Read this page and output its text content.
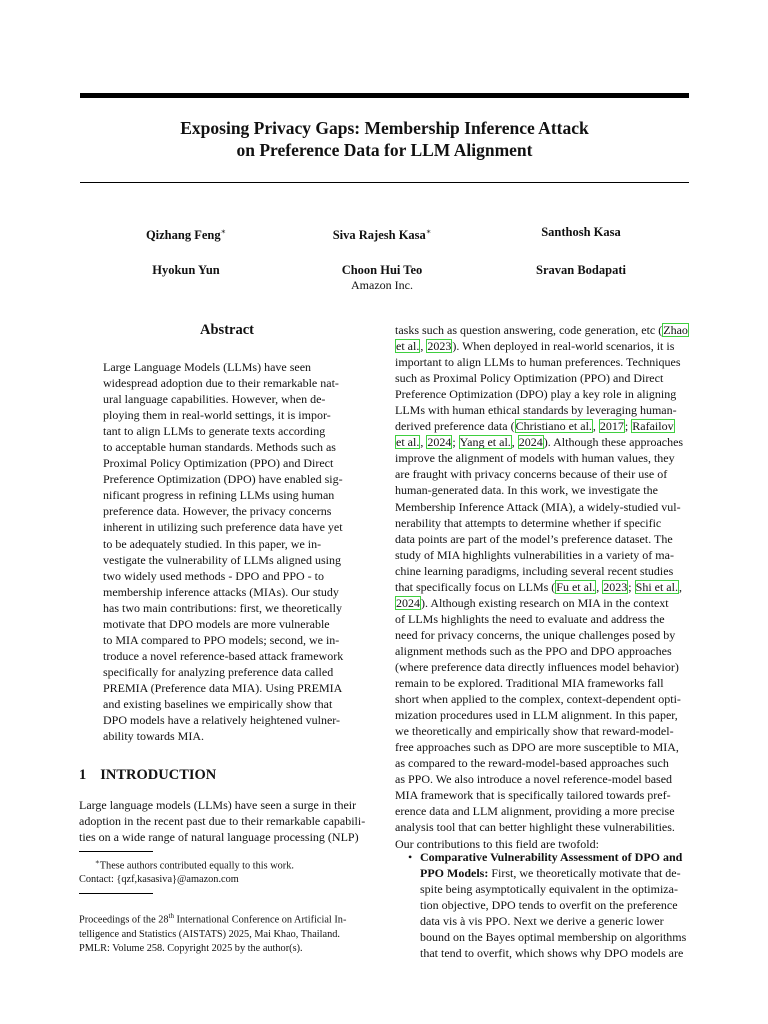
Exposing Privacy Gaps: Membership Inference Attack
on Preference Data for LLM Alignment
Qizhang Feng∗	Siva Rajesh Kasa∗	Santhosh Kasa
Hyokun Yun	Choon Hui Teo	Sravan Bodapati
Amazon Inc.
Abstract
Large Language Models (LLMs) have seen
widespread adoption due to their remarkable nat-
ural language capabilities. However, when de-
ploying them in real-world settings, it is impor-
tant to align LLMs to generate texts according
to acceptable human standards. Methods such as
Proximal Policy Optimization (PPO) and Direct
Preference Optimization (DPO) have enabled sig-
nificant progress in refining LLMs using human
preference data. However, the privacy concerns
inherent in utilizing such preference data have yet
to be adequately studied. In this paper, we in-
vestigate the vulnerability of LLMs aligned using
two widely used methods - DPO and PPO - to
membership inference attacks (MIAs). Our study
has two main contributions: first, we theoretically
motivate that DPO models are more vulnerable
to MIA compared to PPO models; second, we in-
troduce a novel reference-based attack framework
specifically for analyzing preference data called
PREMIA (Preference data MIA). Using PREMIA
and existing baselines we empirically show that
DPO models have a relatively heightened vulner-
ability towards MIA.
1 INTRODUCTION
Large language models (LLMs) have seen a surge in their
adoption in the recent past due to their remarkable capabili-
ties on a wide range of natural language processing (NLP)
∗These authors contributed equally to this work.
Contact: {qzf,kasasiva}@amazon.com
Proceedings of the 28th International Conference on Artificial In-
telligence and Statistics (AISTATS) 2025, Mai Khao, Thailand.
PMLR: Volume 258. Copyright 2025 by the author(s).
tasks such as question answering, code generation, etc (Zhao
et al., 2023). When deployed in real-world scenarios, it is
important to align LLMs to human preferences. Techniques
such as Proximal Policy Optimization (PPO) and Direct
Preference Optimization (DPO) play a key role in aligning
LLMs with human ethical standards by leveraging human-
derived preference data (Christiano et al., 2017; Rafailov
et al., 2024; Yang et al., 2024). Although these approaches
improve the alignment of models with human values, they
are fraught with privacy concerns because of their use of
human-generated data. In this work, we investigate the
Membership Inference Attack (MIA), a widely-studied vul-
nerability that attempts to determine whether if specific
data points are part of the model’s preference dataset. The
study of MIA highlights vulnerabilities in a variety of ma-
chine learning paradigms, including several recent studies
that specifically focus on LLMs (Fu et al., 2023; Shi et al.,
2024). Although existing research on MIA in the context
of LLMs highlights the need to evaluate and address the
need for privacy concerns, the unique challenges posed by
alignment methods such as the PPO and DPO approaches
(where preference data directly influences model behavior)
remain to be explored. Traditional MIA frameworks fall
short when applied to the complex, context-dependent opti-
mization procedures used in LLM alignment. In this paper,
we theoretically and empirically show that reward-model-
free approaches such as DPO are more susceptible to MIA,
as compared to the reward-model-based approaches such
as PPO. We also introduce a novel reference-model based
MIA framework that is specifically tailored towards pref-
erence data and LLM alignment, providing a more precise
analysis tool that can better highlight these vulnerabilities.
Our contributions to this field are twofold:
• Comparative Vulnerability Assessment of DPO and
PPO Models: First, we theoretically motivate that de-
spite being asymptotically equivalent in the optimiza-
tion objective, DPO tends to overfit on the preference
data vis à vis PPO. Next we derive a generic lower
bound on the Bayes optimal membership on algorithms
that tend to overfit, which shows why DPO models are
